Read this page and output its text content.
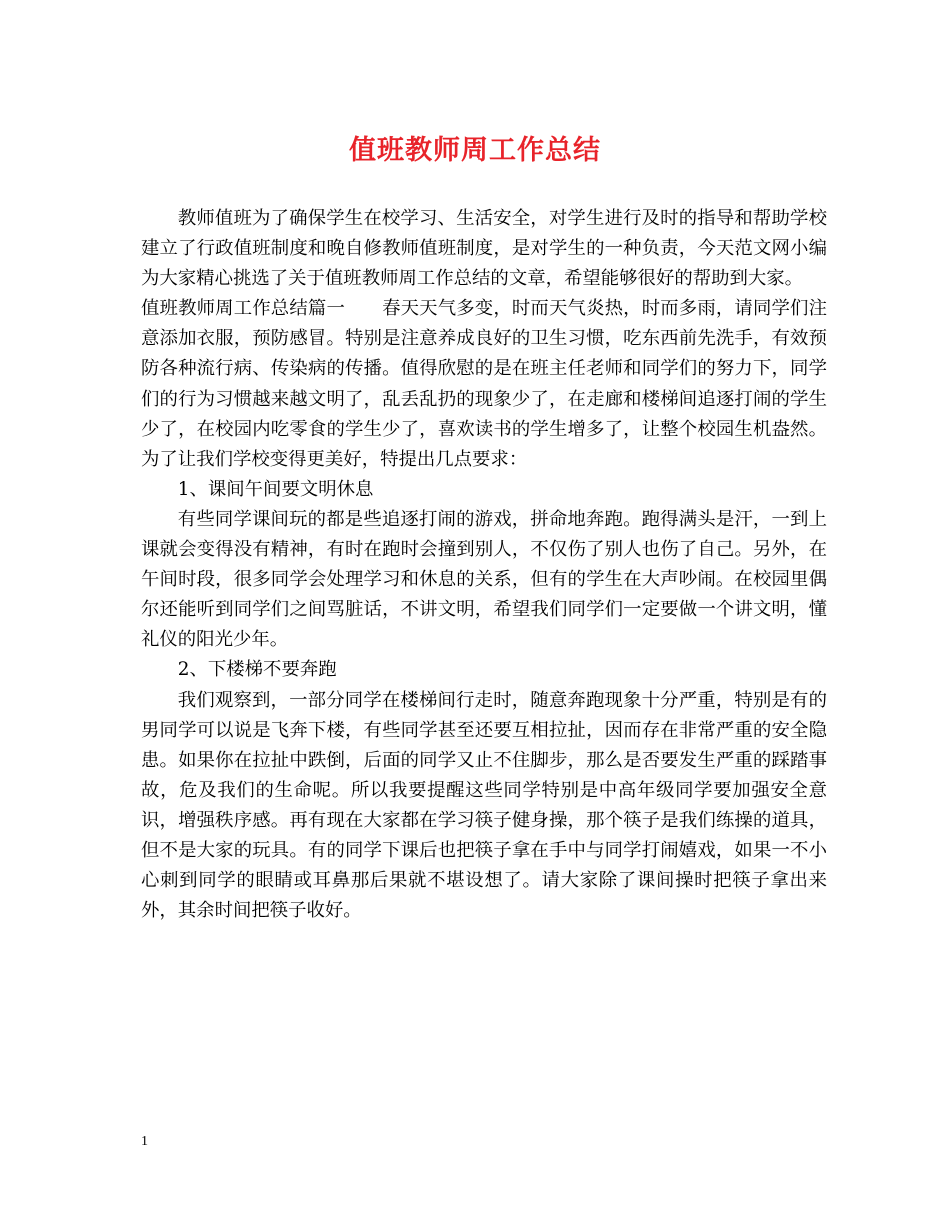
值班教师周工作总结

教师值班为了确保学生在校学习、生活安全，对学生进行及时的指导和帮助学校建立了行政值班制度和晚自修教师值班制度，是对学生的一种负责，今天范文网小编为大家精心挑选了关于值班教师周工作总结的文章，希望能够很好的帮助到大家。

值班教师周工作总结篇一　　春天天气多变，时而天气炎热，时而多雨，请同学们注意添加衣服，预防感冒。特别是注意养成良好的卫生习惯，吃东西前先洗手，有效预防各种流行病、传染病的传播。值得欣慰的是在班主任老师和同学们的努力下，同学们的行为习惯越来越文明了，乱丢乱扔的现象少了，在走廊和楼梯间追逐打闹的学生少了，在校园内吃零食的学生少了，喜欢读书的学生增多了，让整个校园生机盎然。为了让我们学校变得更美好，特提出几点要求：

1、课间午间要文明休息

有些同学课间玩的都是些追逐打闹的游戏，拼命地奔跑。跑得满头是汗，一到上课就会变得没有精神，有时在跑时会撞到别人，不仅伤了别人也伤了自己。另外，在午间时段，很多同学会处理学习和休息的关系，但有的学生在大声吵闹。在校园里偶尔还能听到同学们之间骂脏话，不讲文明，希望我们同学们一定要做一个讲文明，懂礼仪的阳光少年。

2、下楼梯不要奔跑

我们观察到，一部分同学在楼梯间行走时，随意奔跑现象十分严重，特别是有的男同学可以说是飞奔下楼，有些同学甚至还要互相拉扯，因而存在非常严重的安全隐患。如果你在拉扯中跌倒，后面的同学又止不住脚步，那么是否要发生严重的踩踏事故，危及我们的生命呢。所以我要提醒这些同学特别是中高年级同学要加强安全意识，增强秩序感。再有现在大家都在学习筷子健身操，那个筷子是我们练操的道具，但不是大家的玩具。有的同学下课后也把筷子拿在手中与同学打闹嬉戏，如果一不小心刺到同学的眼睛或耳鼻那后果就不堪设想了。请大家除了课间操时把筷子拿出来外，其余时间把筷子收好。

1
